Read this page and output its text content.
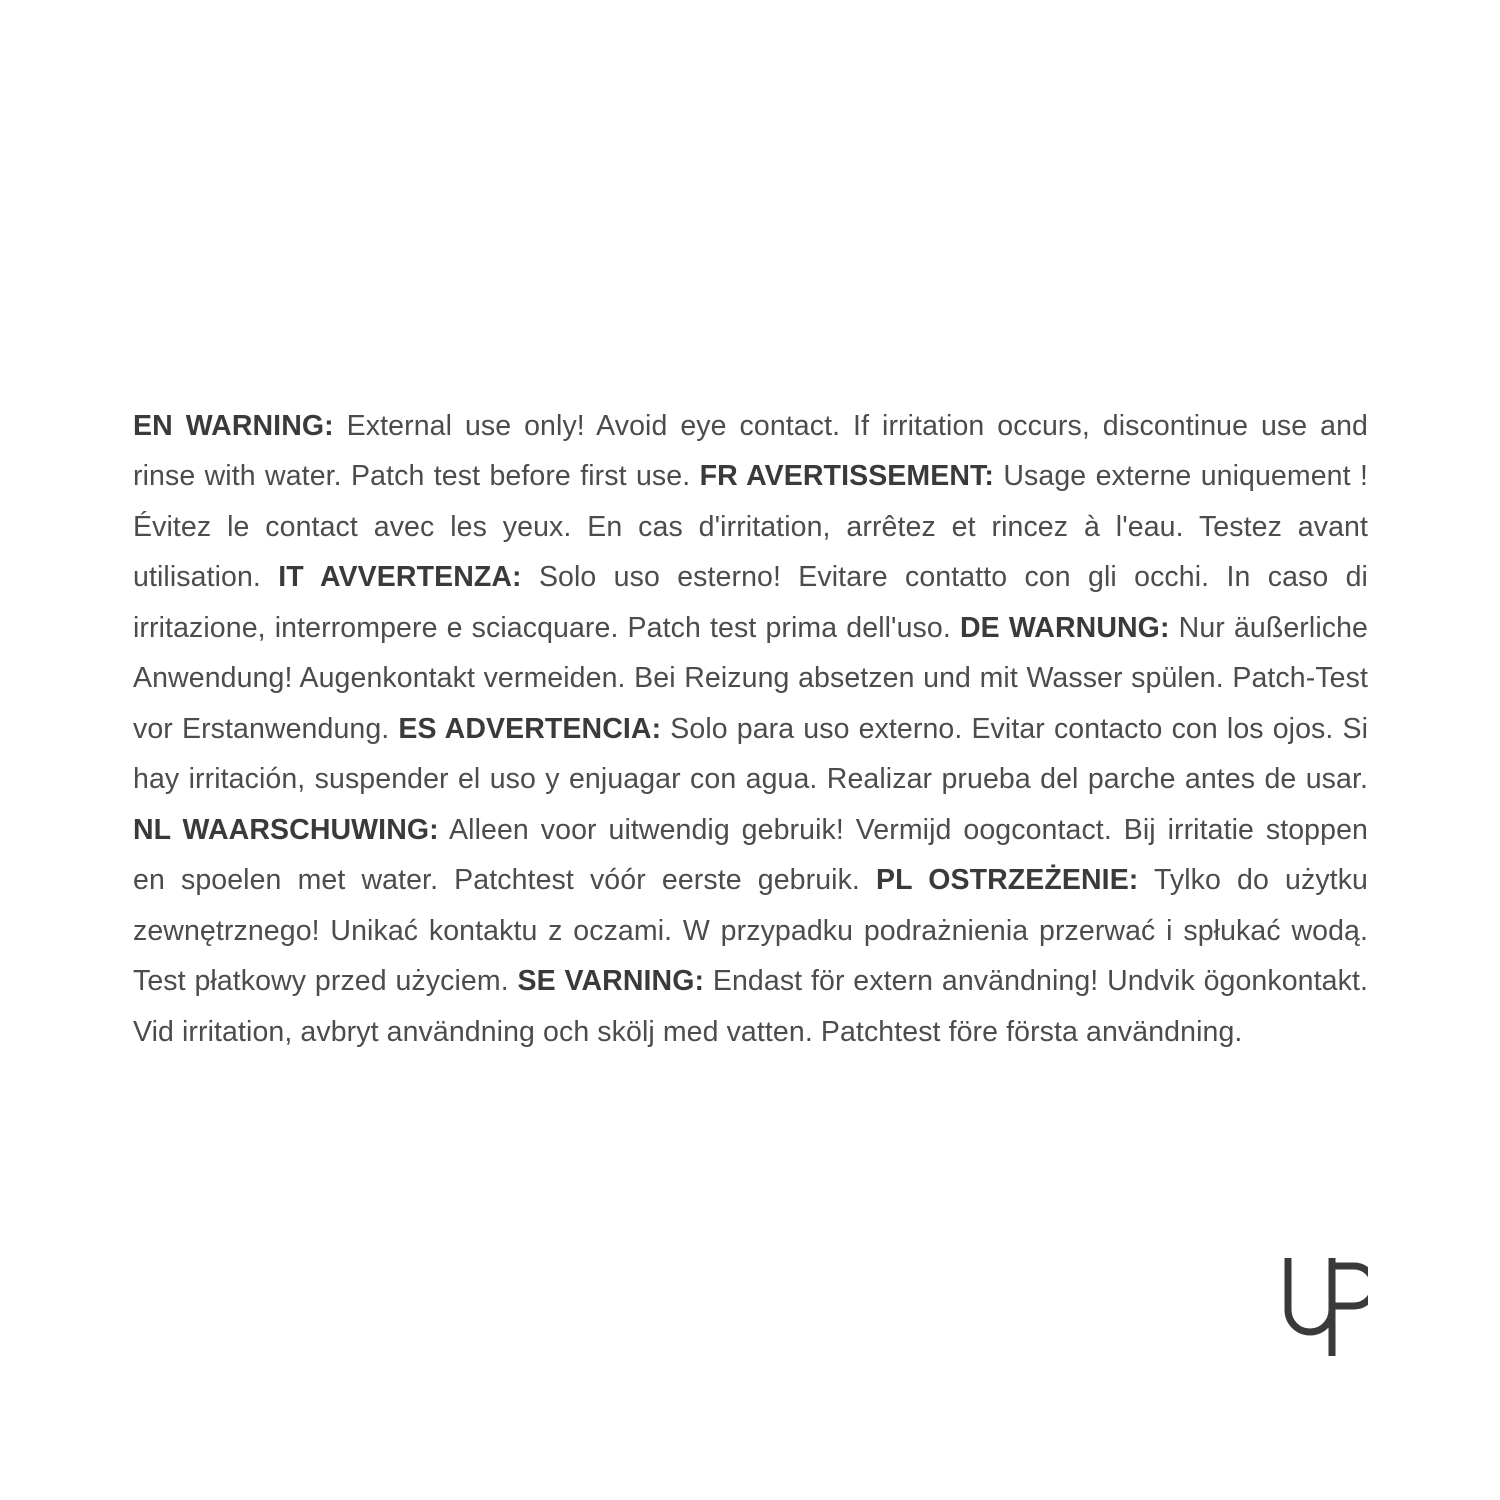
EN WARNING: External use only! Avoid eye contact. If irritation occurs, discontinue use and rinse with water. Patch test before first use. FR AVERTISSEMENT: Usage externe uniquement ! Évitez le contact avec les yeux. En cas d'irritation, arrêtez et rincez à l'eau. Testez avant utilisation. IT AVVERTENZA: Solo uso esterno! Evitare contatto con gli occhi. In caso di irritazione, interrompere e sciacquare. Patch test prima dell'uso. DE WARNUNG: Nur äußerliche Anwendung! Augenkontakt vermeiden. Bei Reizung absetzen und mit Wasser spülen. Patch-Test vor Erstanwendung. ES ADVERTENCIA: Solo para uso externo. Evitar contacto con los ojos. Si hay irritación, suspender el uso y enjuagar con agua. Realizar prueba del parche antes de usar. NL WAARSCHUWING: Alleen voor uitwendig gebruik! Vermijd oogcontact. Bij irritatie stoppen en spoelen met water. Patchtest vóór eerste gebruik. PL OSTRZEŻENIE: Tylko do użytku zewnętrznego! Unikać kontaktu z oczami. W przypadku podrażnienia przerwać i spłukać wodą. Test płatkowy przed użyciem. SE VARNING: Endast för extern användning! Undvik ögonkontakt. Vid irritation, avbryt användning och skölj med vatten. Patchtest före första användning.
